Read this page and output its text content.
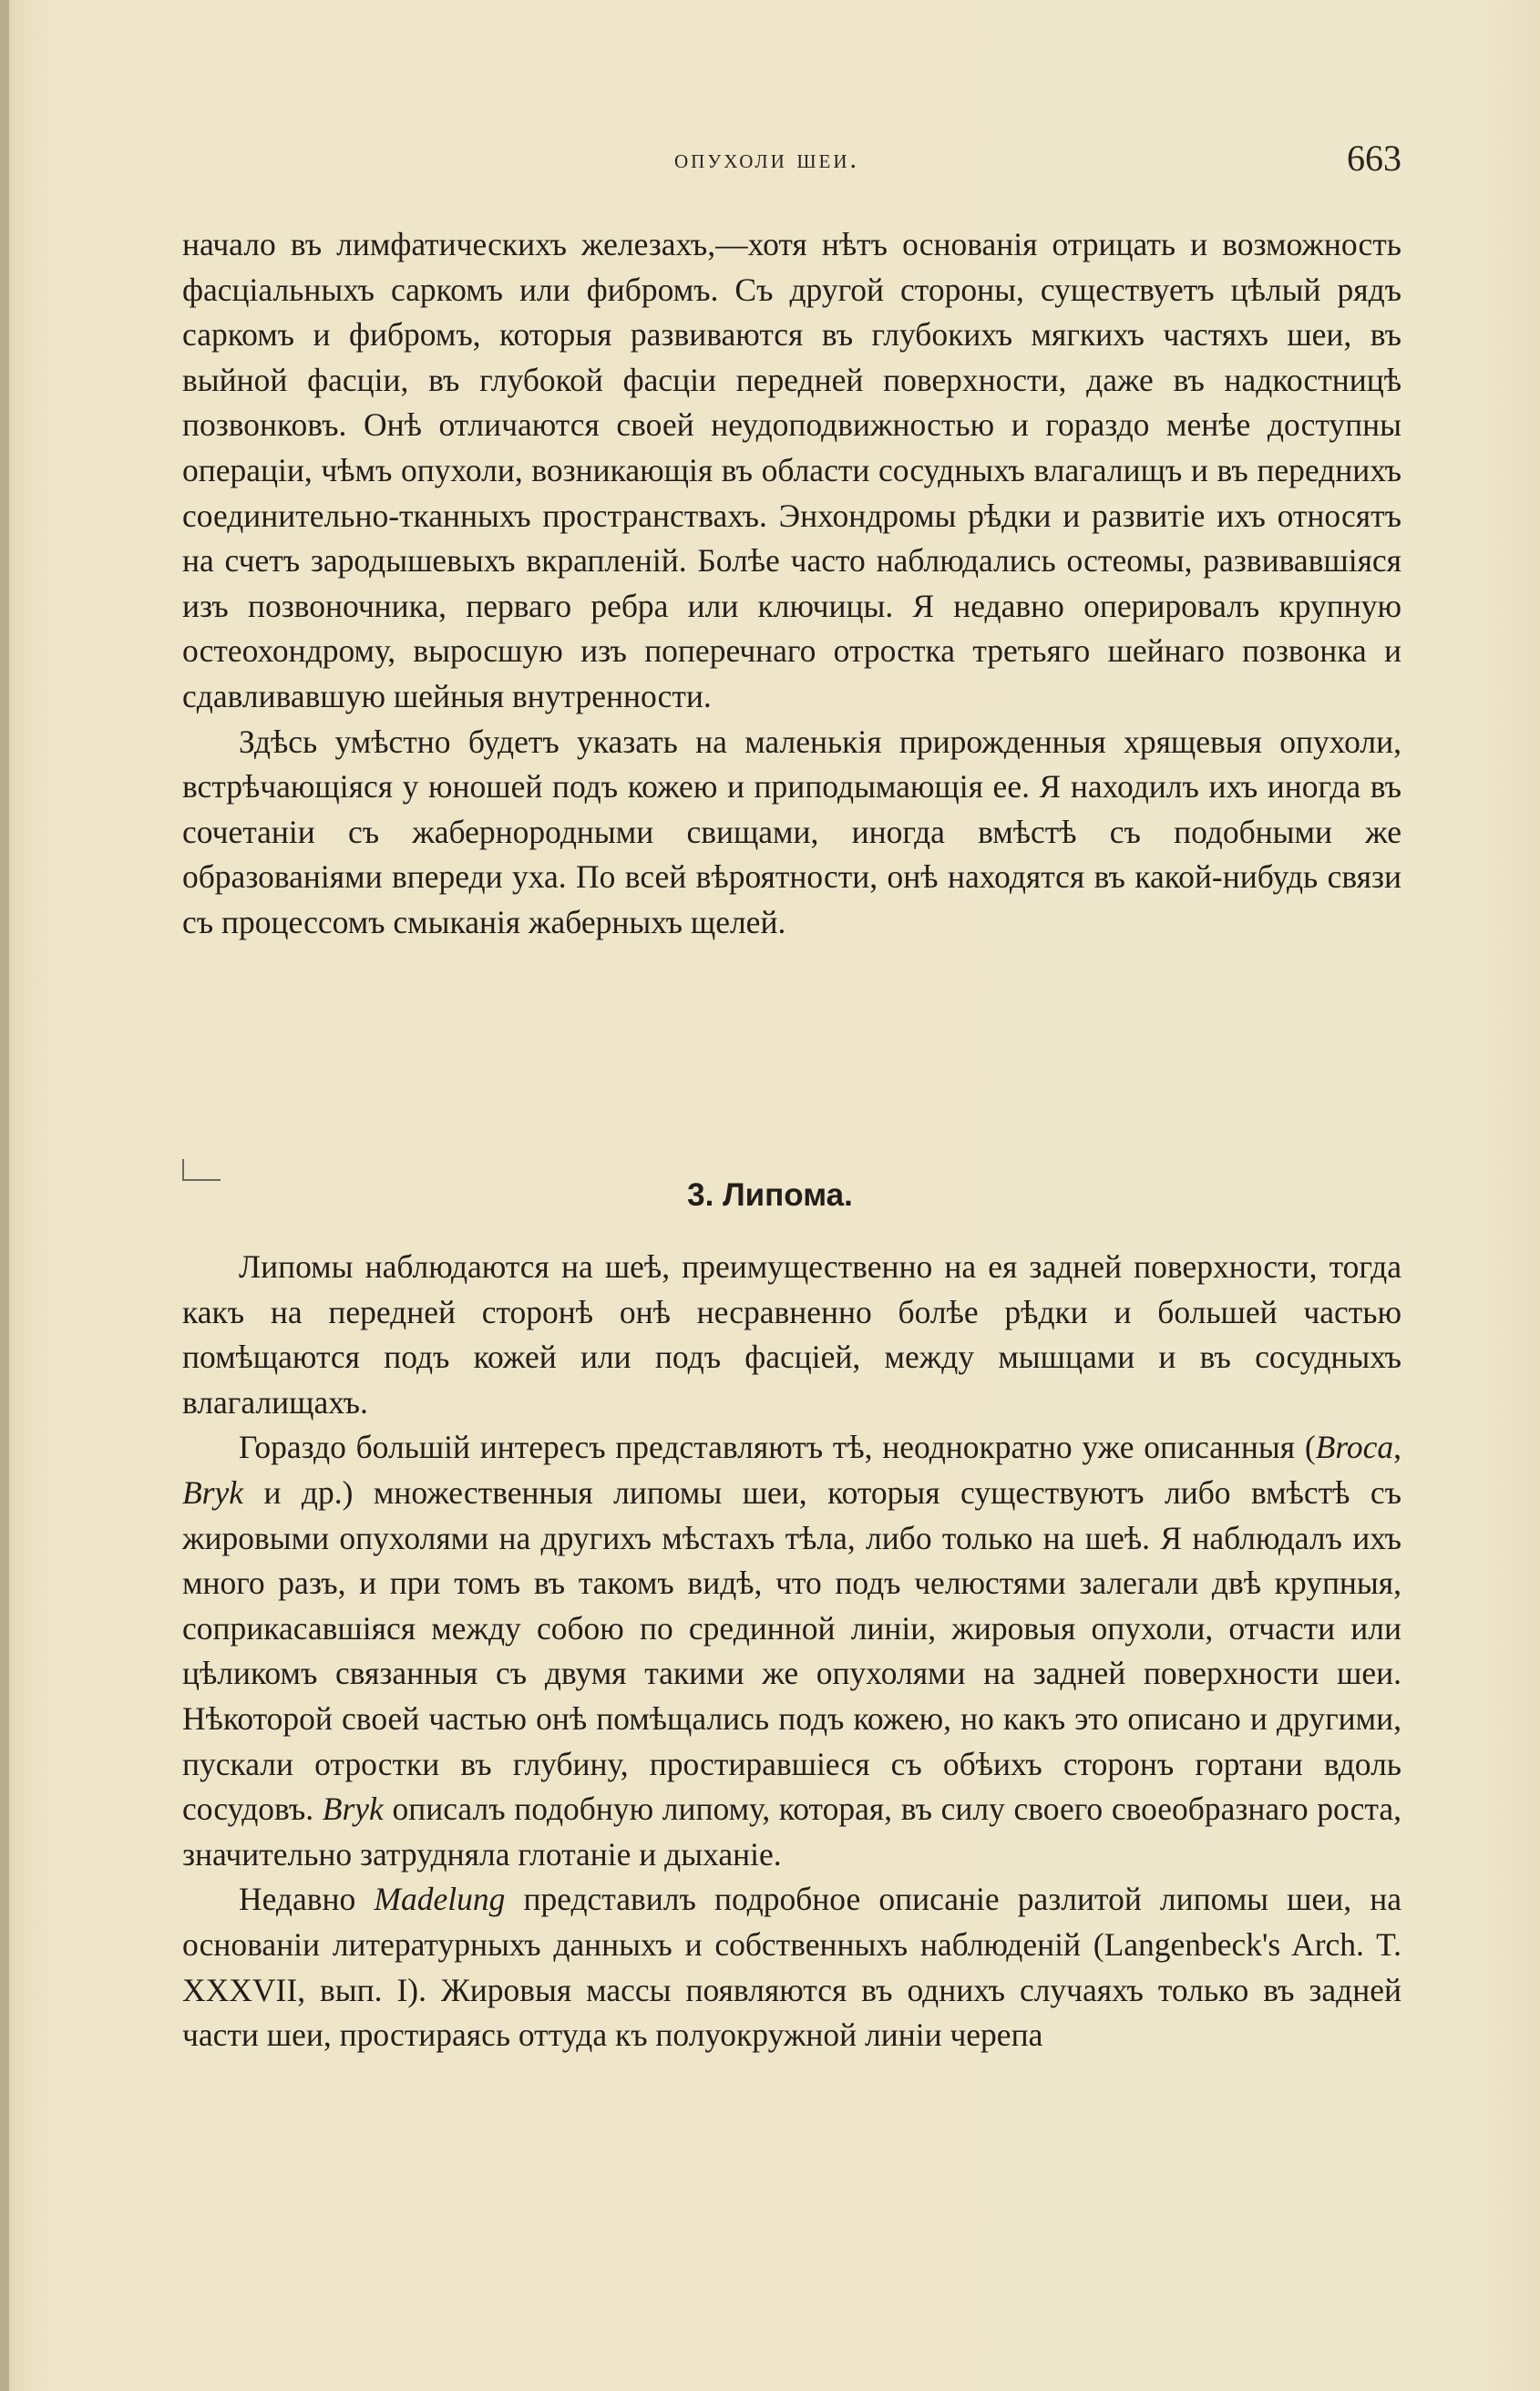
опухоли шеи.	663

начало въ лимфатическихъ железахъ,—хотя нѣтъ основанія отрицать и возможность фасціальныхъ саркомъ или фибромъ. Съ другой стороны, существуетъ цѣлый рядъ саркомъ и фибромъ, которыя развиваются въ глубокихъ мягкихъ частяхъ шеи, въ выйной фасціи, въ глубокой фасціи передней поверхности, даже въ надкостницѣ позвонковъ. Онѣ отличаются своей неудоподвижностью и гораздо менѣе доступны операціи, чѣмъ опухоли, возникающія въ области сосудныхъ влагалищъ и въ переднихъ соединительно-тканныхъ пространствахъ. Энхондромы рѣдки и развитіе ихъ относятъ на счетъ зародышевыхъ вкрапленій. Болѣе часто наблюдались остеомы, развивавшіяся изъ позвоночника, перваго ребра или ключицы. Я недавно оперировалъ крупную остеохондрому, выросшую изъ поперечнаго отростка третьяго шейнаго позвонка и сдавливавшую шейныя внутренности.

Здѣсь умѣстно будетъ указать на маленькія прирожденныя хрящевыя опухоли, встрѣчающіяся у юношей подъ кожею и приподымающія ее. Я находилъ ихъ иногда въ сочетаніи съ жабернородными свищами, иногда вмѣстѣ съ подобными же образованіями впереди уха. По всей вѣроятности, онѣ находятся въ какой-нибудь связи съ процессомъ смыканія жаберныхъ щелей.

3. Липома.

Липомы наблюдаются на шеѣ, преимущественно на ея задней поверхности, тогда какъ на передней сторонѣ онѣ несравненно болѣе рѣдки и большей частью помѣщаются подъ кожей или подъ фасціей, между мышцами и въ сосудныхъ влагалищахъ.

Гораздо большій интересъ представляютъ тѣ, неоднократно уже описанныя (Broca, Bryk и др.) множественныя липомы шеи, которыя существуютъ либо вмѣстѣ съ жировыми опухолями на другихъ мѣстахъ тѣла, либо только на шеѣ. Я наблюдалъ ихъ много разъ, и при томъ въ такомъ видѣ, что подъ челюстями залегали двѣ крупныя, соприкасавшіяся между собою по срединной линіи, жировыя опухоли, отчасти или цѣликомъ связанныя съ двумя такими же опухолями на задней поверхности шеи. Нѣкоторой своей частью онѣ помѣщались подъ кожею, но какъ это описано и другими, пускали отростки въ глубину, простиравшіеся съ обѣихъ сторонъ гортани вдоль сосудовъ. Bryk описалъ подобную липому, которая, въ силу своего своеобразнаго роста, значительно затрудняла глотаніе и дыханіе.

Недавно Madelung представилъ подробное описаніе разлитой липомы шеи, на основаніи литературныхъ данныхъ и собственныхъ наблюденій (Langenbeck's Arch. T. XXXVII, вып. I). Жировыя массы появляются въ однихъ случаяхъ только въ задней части шеи, простираясь оттуда къ полуокружной линіи черепа
